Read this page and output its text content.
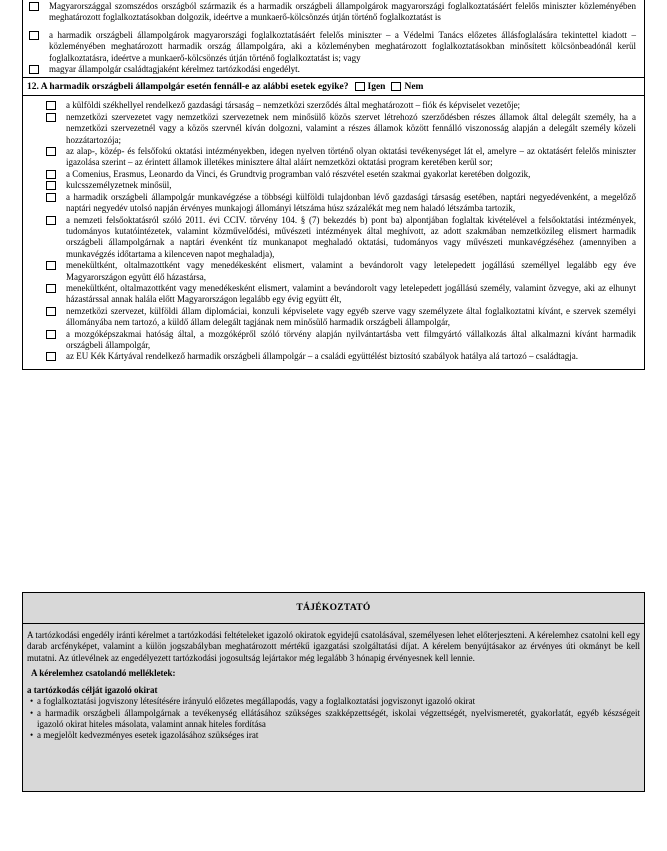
Magyarországgal szomszédos országból származik és a harmadik országbeli állampolgárok magyarországi foglalkoztatásáért felelős miniszter közleményében meghatározott foglalkoztatásokban dolgozik, ideértve a munkaerő-kölcsönzés útján történő foglalkoztatást is
a harmadik országbeli állampolgárok magyarországi foglalkoztatásáért felelős miniszter – a Védelmi Tanács előzetes állásfoglalására tekintettel kiadott – közleményében meghatározott harmadik ország állampolgára, aki a közleményben meghatározott foglalkoztatásokban minősített kölcsönbeadónál kerül foglalkoztatásra, ideértve a munkaerő-kölcsönzés útján történő foglalkoztatást is; vagy
magyar állampolgár családtagjaként kérelmez tartózkodási engedélyt.
12. A harmadik országbeli állampolgár esetén fennáll-e az alábbi esetek egyike? Igen Nem
a külföldi székhellyel rendelkező gazdasági társaság – nemzetközi szerződés által meghatározott – fiók és képviselet vezetője;
nemzetközi szervezetet vagy nemzetközi szervezetnek nem minősülő közös szervet létrehozó szerződésben részes államok által delegált személy, ha a nemzetközi szervezetnél vagy a közös szervnél kíván dolgozni, valamint a részes államok között fennálló viszonosság alapján a delegált személy közeli hozzátartozója;
az alap-, közép- és felsőfokú oktatási intézményekben, idegen nyelven történő olyan oktatási tevékenységet lát el, amelyre – az oktatásért felelős miniszter igazolása szerint – az érintett államok illetékes minisztere által aláírt nemzetközi oktatási program keretében kerül sor;
a Comenius, Erasmus, Leonardo da Vinci, és Grundtvig programban való részvétel esetén szakmai gyakorlat keretében dolgozik,
kulcsszemélyzetnek minősül,
a harmadik országbeli állampolgár munkavégzése a többségi külföldi tulajdonban lévő gazdasági társaság esetében, naptári negyedévenként, a megelőző naptári negyedév utolsó napján érvényes munkajogi állományi létszáma húsz százalékát meg nem haladó létszámba tartozik,
a nemzeti felsőoktatásról szóló 2011. évi CCIV. törvény 104. § (7) bekezdés b) pont ba) alpontjában foglaltak kivételével a felsőoktatási intézmények, tudományos kutatóintézetek, valamint közművelődési, művészeti intézmények által meghívott, az adott szakmában nemzetközileg elismert harmadik országbeli állampolgárnak a naptári évenként tíz munkanapot meghaladó oktatási, tudományos vagy művészeti munkavégzéséhez (amennyiben a munkavégzés időtartama a kilenceven napot meghaladja),
menekültként, oltalmazottként vagy menedékesként elismert, valamint a bevándorolt vagy letelepedett jogállású személlyel legalább egy éve Magyarországon együtt élő házastársa,
menekültként, oltalmazottként vagy menedékesként elismert, valamint a bevándorolt vagy letelepedett jogállású személy, valamint özvegye, aki az elhunyt házastárssal annak halála előtt Magyarországon legalább egy évig együtt élt,
nemzetközi szervezet, külföldi állam diplomáciai, konzuli képviselete vagy egyéb szerve vagy személyzete által foglalkoztatni kívánt, e szervek személyi állományába nem tartozó, a küldő állam delegált tagjának nem minősülő harmadik országbeli állampolgár,
a mozgóképszakmai hatóság által, a mozgóképről szóló törvény alapján nyilvántartásba vett filmgyártó vállalkozás által alkalmazni kívánt harmadik országbeli állampolgár,
az EU Kék Kártyával rendelkező harmadik országbeli állampolgár – a családi együttélést biztosító szabályok hatálya alá tartozó – családtagja.
TÁJÉKOZTATÓ
A tartózkodási engedély iránti kérelmet a tartózkodási feltételeket igazoló okiratok egyidejű csatolásával, személyesen lehet előterjeszteni. A kérelemhez csatolni kell egy darab arcfényképet, valamint a külön jogszabályban meghatározott mértékű igazgatási szolgáltatási díjat. A kérelem benyújtásakor az érvényes úti okmányt be kell mutatni. Az útlevélnek az engedélyezett tartózkodási jogosultság lejártakor még legalább 3 hónapig érvényesnek kell lennie.
A kérelemhez csatolandó mellékletek:
a tartózkodás célját igazoló okirat
• a foglalkoztatási jogviszony létesítésére irányuló előzetes megállapodás, vagy a foglalkoztatási jogviszonyt igazoló okirat
• a harmadik országbeli állampolgárnak a tevékenység ellátásához szükséges szakképzettségét, iskolai végzettségét, nyelvismeretét, gyakorlatát, egyéb készségeit igazoló okirat hiteles másolata, valamint annak hiteles fordítása
• a megjelölt kedvezményes esetek igazolásához szükséges irat
